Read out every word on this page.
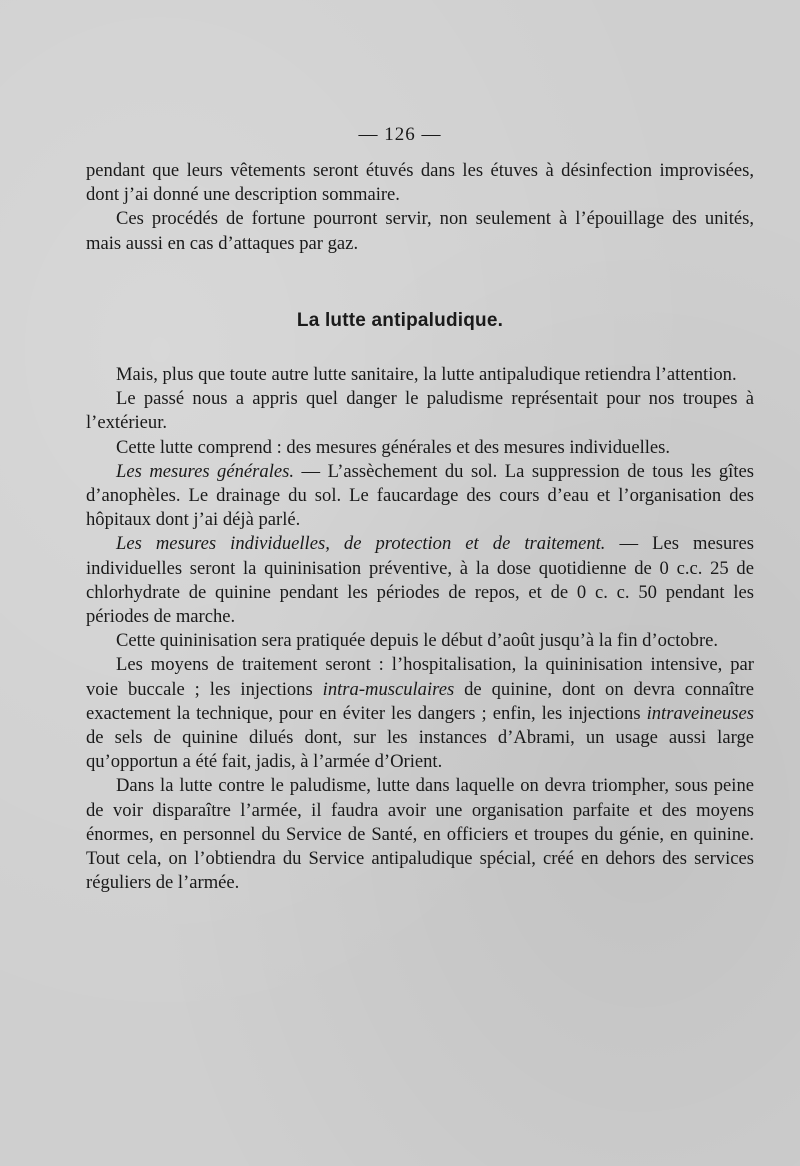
— 126 —

pendant que leurs vêtements seront étuvés dans les étuves à désinfection improvisées, dont j’ai donné une description sommaire.

Ces procédés de fortune pourront servir, non seulement à l’épouillage des unités, mais aussi en cas d’attaques par gaz.

La lutte antipaludique.

Mais, plus que toute autre lutte sanitaire, la lutte antipaludique retiendra l’attention.

Le passé nous a appris quel danger le paludisme représentait pour nos troupes à l’extérieur.

Cette lutte comprend : des mesures générales et des mesures individuelles.

Les mesures générales. — L’assèchement du sol. La suppression de tous les gîtes d’anophèles. Le drainage du sol. Le faucardage des cours d’eau et l’organisation des hôpitaux dont j’ai déjà parlé.

Les mesures individuelles, de protection et de traitement. — Les mesures individuelles seront la quininisation préventive, à la dose quotidienne de 0 c.c. 25 de chlorhydrate de quinine pendant les périodes de repos, et de 0 c. c. 50 pendant les périodes de marche.

Cette quininisation sera pratiquée depuis le début d’août jusqu’à la fin d’octobre.

Les moyens de traitement seront : l’hospitalisation, la quininisation intensive, par voie buccale ; les injections intra-musculaires de quinine, dont on devra connaître exactement la technique, pour en éviter les dangers ; enfin, les injections intraveineuses de sels de quinine dilués dont, sur les instances d’Abrami, un usage aussi large qu’opportun a été fait, jadis, à l’armée d’Orient.

Dans la lutte contre le paludisme, lutte dans laquelle on devra triompher, sous peine de voir disparaître l’armée, il faudra avoir une organisation parfaite et des moyens énormes, en personnel du Service de Santé, en officiers et troupes du génie, en quinine. Tout cela, on l’obtiendra du Service antipaludique spécial, créé en dehors des services réguliers de l’armée.
